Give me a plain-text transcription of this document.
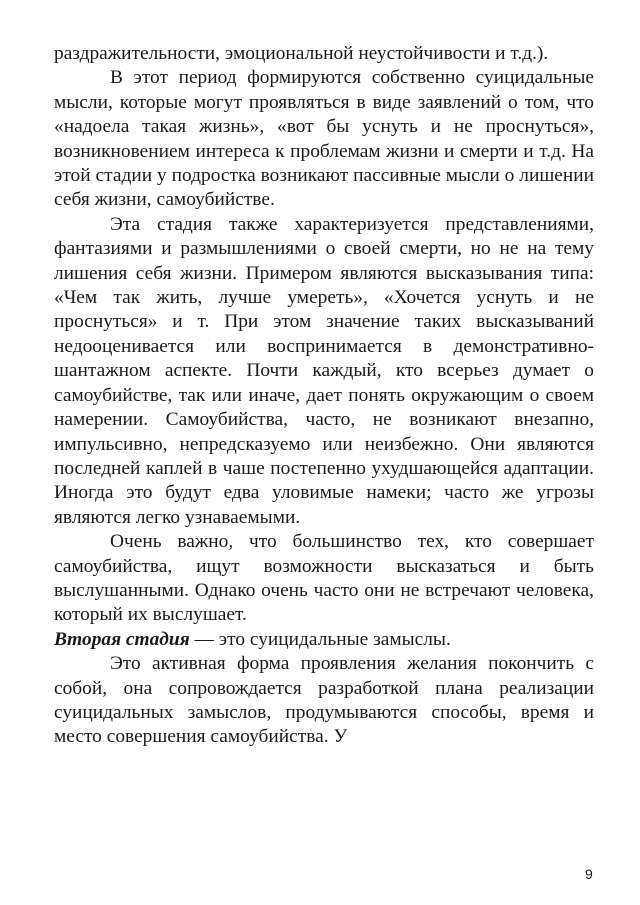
раздражительности, эмоциональной неустойчивости и т.д.).

В этот период формируются собственно суицидальные мысли, которые могут проявляться в виде заявлений о том, что «надоела такая жизнь», «вот бы уснуть и не проснуться», возникновением интереса к проблемам жизни и смерти и т.д. На этой стадии у подростка возникают пассивные мысли о лишении себя жизни, самоубийстве.

Эта стадия также характеризуется представлениями, фантазиями и размышлениями о своей смерти, но не на тему лишения себя жизни. Примером являются высказывания типа: «Чем так жить, лучше умереть», «Хочется уснуть и не проснуться» и т. При этом значение таких высказываний недооценивается или воспринимается в демонстративно-шантажном аспекте. Почти каждый, кто всерьез думает о самоубийстве, так или иначе, дает понять окружающим о своем намерении. Самоубийства, часто, не возникают внезапно, импульсивно, непредсказуемо или неизбежно. Они являются последней каплей в чаше постепенно ухудшающейся адаптации. Иногда это будут едва уловимые намеки; часто же угрозы являются легко узнаваемыми.

Очень важно, что большинство тех, кто совершает самоубийства, ищут возможности высказаться и быть выслушанными. Однако очень часто они не встречают человека, который их выслушает.

Вторая стадия — это суицидальные замыслы.

Это активная форма проявления желания покончить с собой, она сопровождается разработкой плана реализации суицидальных замыслов, продумываются способы, время и место совершения самоубийства. У

9
